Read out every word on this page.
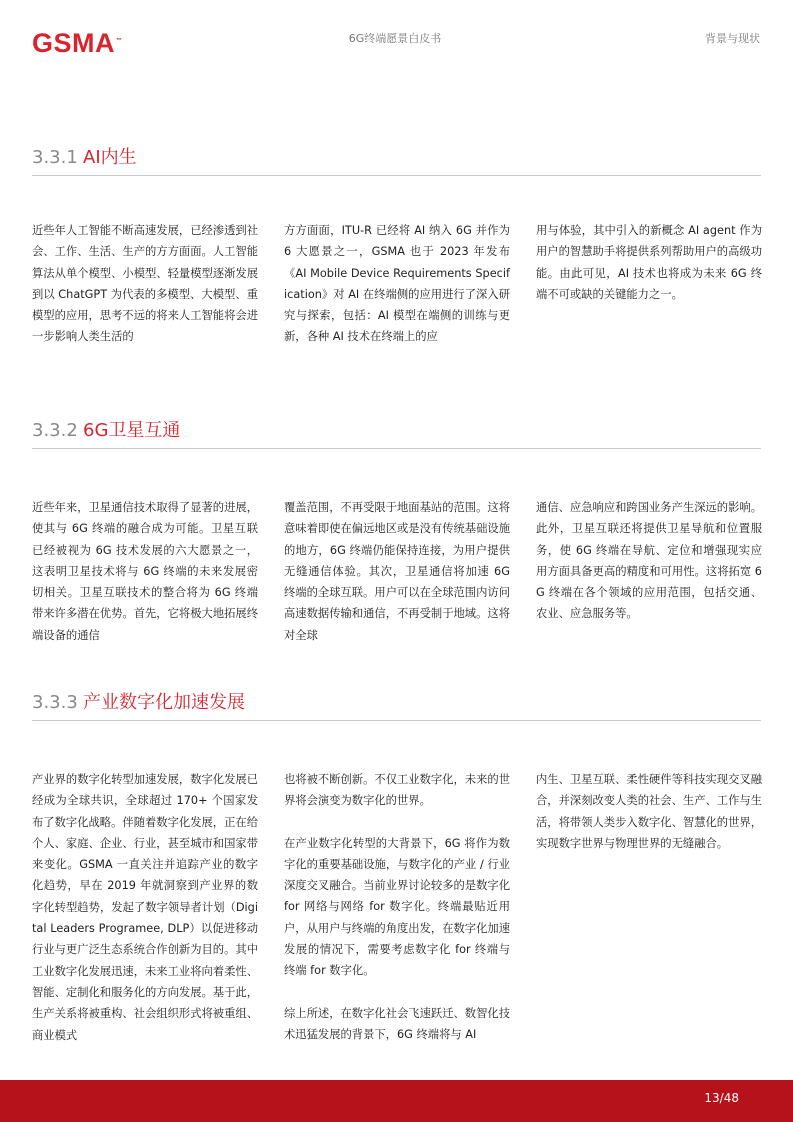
GSMA™	6G终端愿景白皮书	背景与现状
3.3.1 AI内生

近些年人工智能不断高速发展，已经渗透到社会、工作、生活、生产的方方面面。人工智能算法从单个模型、小模型、轻量模型逐渐发展到以 ChatGPT 为代表的多模型、大模型、重模型的应用，思考不远的将来人工智能将会进一步影响人类生活的

方方面面，ITU-R 已经将 AI 纳入 6G 并作为 6 大愿景之一，GSMA 也于 2023 年发布《AI Mobile Device Requirements Specification》对 AI 在终端侧的应用进行了深入研究与探索，包括：AI 模型在端侧的训练与更新，各种 AI 技术在终端上的应

用与体验，其中引入的新概念 AI agent 作为用户的智慧助手将提供系列帮助用户的高级功能。由此可见，AI 技术也将成为未来 6G 终端不可或缺的关键能力之一。

3.3.2 6G卫星互通

近些年来，卫星通信技术取得了显著的进展，使其与 6G 终端的融合成为可能。卫星互联已经被视为 6G 技术发展的六大愿景之一，这表明卫星技术将与 6G 终端的未来发展密切相关。卫星互联技术的整合将为 6G 终端带来许多潜在优势。首先，它将极大地拓展终端设备的通信

覆盖范围，不再受限于地面基站的范围。这将意味着即使在偏远地区或是没有传统基础设施的地方，6G 终端仍能保持连接，为用户提供无缝通信体验。其次，卫星通信将加速 6G 终端的全球互联。用户可以在全球范围内访问高速数据传输和通信，不再受制于地域。这将对全球

通信、应急响应和跨国业务产生深远的影响。此外，卫星互联还将提供卫星导航和位置服务，使 6G 终端在导航、定位和增强现实应用方面具备更高的精度和可用性。这将拓宽 6G 终端在各个领域的应用范围，包括交通、农业、应急服务等。

3.3.3 产业数字化加速发展

产业界的数字化转型加速发展，数字化发展已经成为全球共识，全球超过 170+ 个国家发布了数字化战略。伴随着数字化发展，正在给个人、家庭、企业、行业，甚至城市和国家带来变化。GSMA 一直关注并追踪产业的数字化趋势，早在 2019 年就洞察到产业界的数字化转型趋势，发起了数字领导者计划（Digital Leaders Programee, DLP）以促进移动行业与更广泛生态系统合作创新为目的。其中工业数字化发展迅速，未来工业将向着柔性、智能、定制化和服务化的方向发展。基于此，生产关系将被重构、社会组织形式将被重组、商业模式

也将被不断创新。不仅工业数字化，未来的世界将会演变为数字化的世界。

在产业数字化转型的大背景下，6G 将作为数字化的重要基础设施，与数字化的产业 / 行业深度交叉融合。当前业界讨论较多的是数字化 for 网络与网络 for 数字化。终端最贴近用户，从用户与终端的角度出发，在数字化加速发展的情况下，需要考虑数字化 for 终端与终端 for 数字化。

综上所述，在数字化社会飞速跃迁、数智化技术迅猛发展的背景下，6G 终端将与 AI

内生、卫星互联、柔性硬件等科技实现交叉融合，并深刻改变人类的社会、生产、工作与生活，将带领人类步入数字化、智慧化的世界，实现数字世界与物理世界的无缝融合。

13/48
